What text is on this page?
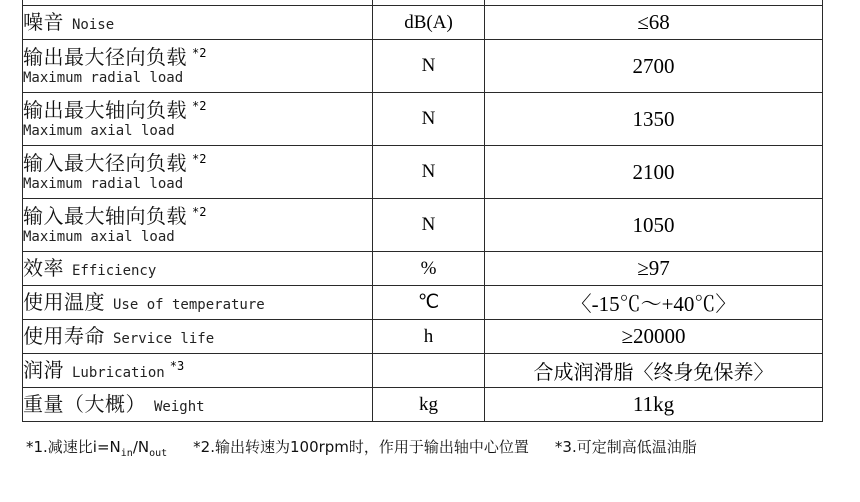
噪音 Noise	dB(A)	≤68
输出最大径向负载 $^{*2}$
Maximum radial load	N	2700
输出最大轴向负载 $^{*2}$
Maximum axial load	N	1350
输入最大径向负载 $^{*2}$
Maximum radial load	N	2100
输入最大轴向负载 $^{*2}$
Maximum axial load	N	1050
效率 Efficiency	%	≥97
使用温度 Use of temperature	℃	〈-15℃～+40℃〉
使用寿命 Service life	h	≥20000
润滑 Lubrication $^{*3}$		合成润滑脂〈终身免保养〉
重量（大概） Weight	kg	11kg
*1.减速比$i=N_{in}/N_{out}$ *2.输出转速为100rpm时，作用于输出轴中心位置 *3.可定制高低温油脂
